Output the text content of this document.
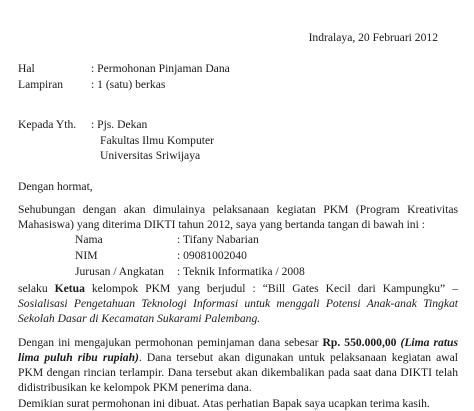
Indralaya, 20 Februari 2012
Hal	: Permohonan Pinjaman Dana
Lampiran : 1 (satu) berkas
Kepada Yth. : Pjs. Dekan
Fakultas Ilmu Komputer
Universitas Sriwijaya
Dengan hormat,
Sehubungan dengan akan dimulainya pelaksanaan kegiatan PKM (Program Kreativitas
Mahasiswa) yang diterima DIKTI tahun 2012, saya yang bertanda tangan di bawah ini :
Nama	: Tifany Nabarian
NIM	: 09081002040
Jurusan / Angkatan : Teknik Informatika / 2008
selaku Ketua kelompok PKM yang berjudul : “Bill Gates Kecil dari Kampungku” –
Sosialisasi Pengetahuan Teknologi Informasi untuk menggali Potensi Anak-anak Tingkat
Sekolah Dasar di Kecamatan Sukarami Palembang.
Dengan ini mengajukan permohonan peminjaman dana sebesar Rp. 550.000,00 (Lima ratus
lima puluh ribu rupiah). Dana tersebut akan digunakan untuk pelaksanaan kegiatan awal
PKM dengan rincian terlampir. Dana tersebut akan dikembalikan pada saat dana DIKTI telah
didistribusikan ke kelompok PKM penerima dana.
Demikian surat permohonan ini dibuat. Atas perhatian Bapak saya ucapkan terima kasih.
